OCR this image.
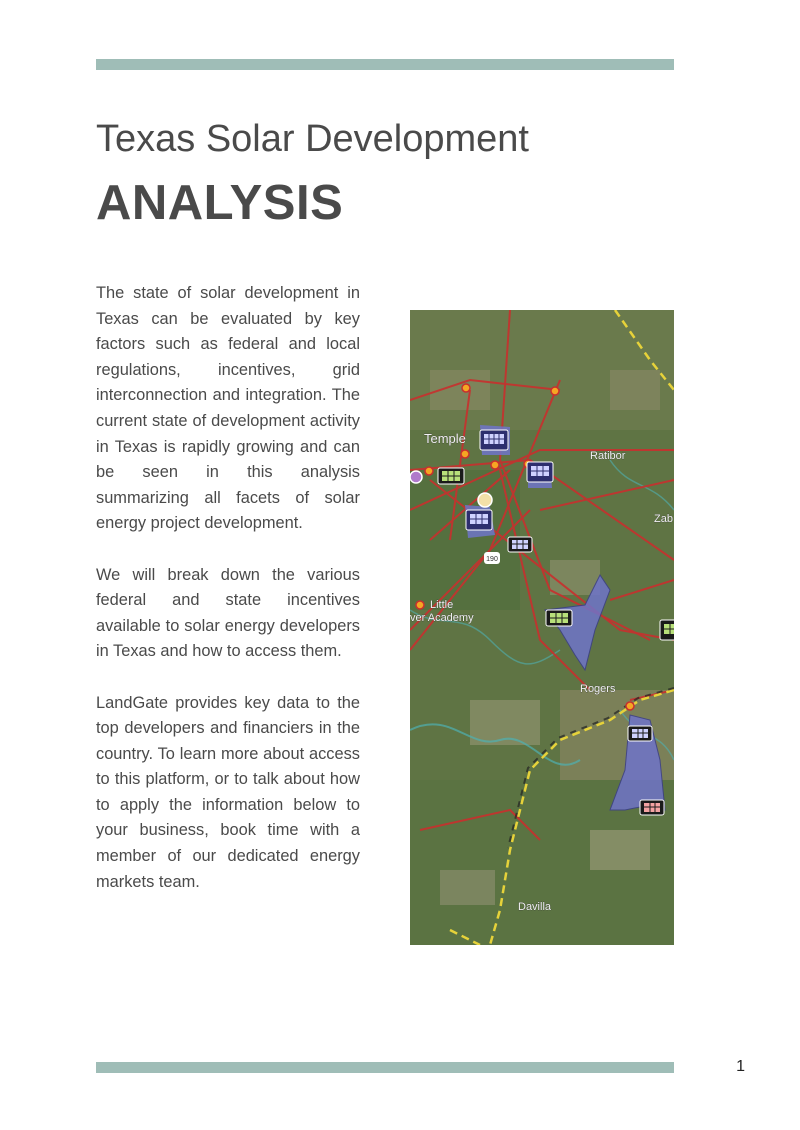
Texas Solar Development
ANALYSIS

The state of solar development in Texas can be evaluated by key factors such as federal and local regulations, incentives, grid interconnection and integration. The current state of development activity in Texas is rapidly growing and can be seen in this analysis summarizing all facets of solar energy project development.

We will break down the various federal and state incentives available to solar energy developers in Texas and how to access them.

LandGate provides key data to the top developers and financiers in the country. To learn more about access to this platform, or to talk about how to apply the information below to your business, book time with a member of our dedicated energy markets team.

190
Temple
Ratibor
Zab
Little
ver Academy
Rogers
Davilla
1
